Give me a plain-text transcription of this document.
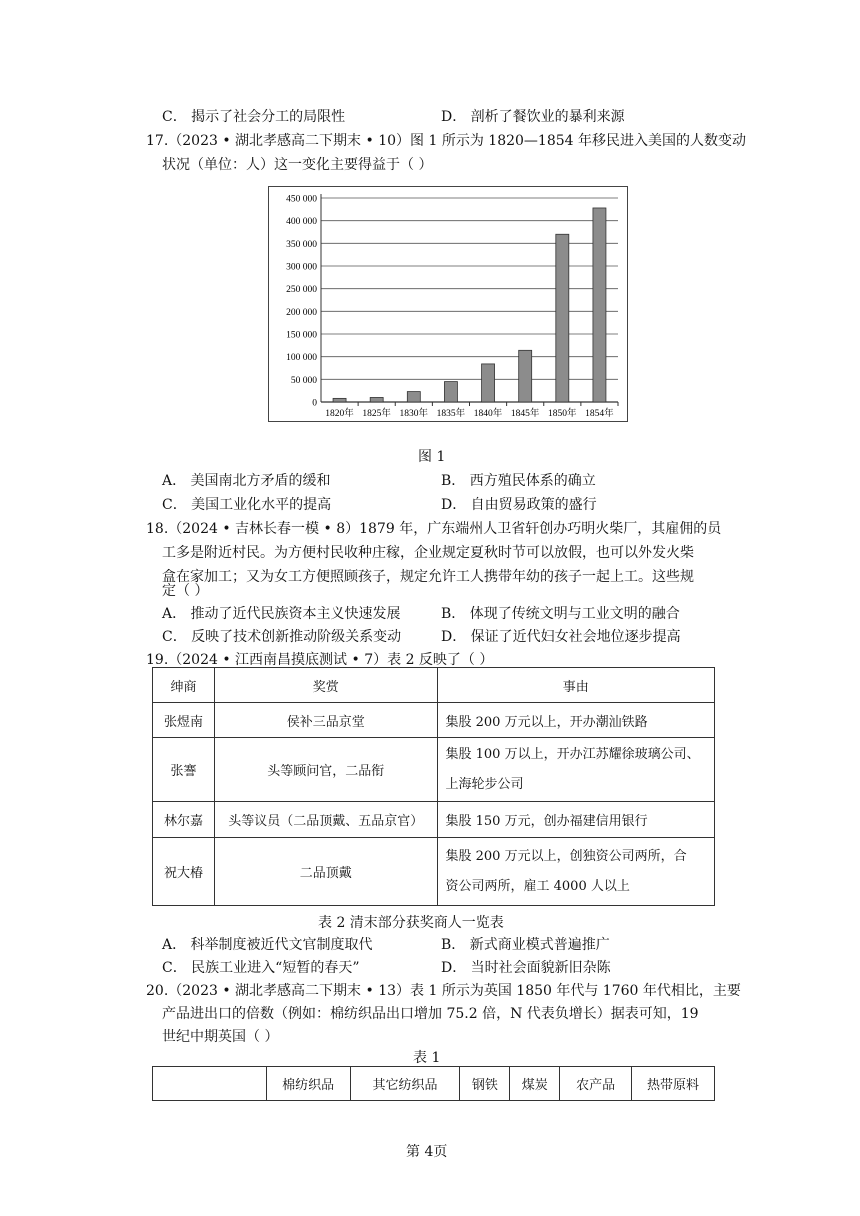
C． 揭示了社会分工的局限性	D． 剖析了餐饮业的暴利来源
17.（2023 • 湖北孝感高二下期末 • 10）图 1 所示为 1820—1854 年移民进入美国的人数变动
状况（单位：人）这一变化主要得益于（ ）
450 000
400 000
350 000
300 000
250 000
200 000
150 000
100 000
50 000
0
1820年 1825年 1830年 1835年 1840年 1845年 1850年 1854年
图 1
A． 美国南北方矛盾的缓和	B． 西方殖民体系的确立
C． 美国工业化水平的提高	D． 自由贸易政策的盛行
18.（2024 • 吉林长春一模 • 8）1879 年，广东端州人卫省轩创办巧明火柴厂，其雇佣的员
工多是附近村民。为方便村民收种庄稼，企业规定夏秋时节可以放假，也可以外发火柴
盒在家加工；又为女工方便照顾孩子，规定允许工人携带年幼的孩子一起上工。这些规
定（ ）
A． 推动了近代民族资本主义快速发展	B． 体现了传统文明与工业文明的融合
C． 反映了技术创新推动阶级关系变动	D． 保证了近代妇女社会地位逐步提高
19.（2024 • 江西南昌摸底测试 • 7）表 2 反映了（ ）
绅商	奖赏	事由
张煜南	侯补三品京堂	集股 200 万元以上，开办潮汕铁路
张謇	头等顾问官，二品衔	集股 100 万以上，开办江苏耀徐玻璃公司、
上海轮步公司
林尔嘉	头等议员（二品顶戴、五品京官）	集股 150 万元，创办福建信用银行
祝大椿	二品顶戴	集股 200 万元以上，创独资公司两所，合
资公司两所，雇工 4000 人以上
表 2 清末部分获奖商人一览表
A． 科举制度被近代文官制度取代	B． 新式商业模式普遍推广
C． 民族工业进入“短暂的春天”	D． 当时社会面貌新旧杂陈
20.（2023 • 湖北孝感高二下期末 • 13）表 1 所示为英国 1850 年代与 1760 年代相比，主要
产品进出口的倍数（例如：棉纺织品出口增加 75.2 倍，N 代表负增长）据表可知，19
世纪中期英国（ ）
表 1
	棉纺织品	其它纺织品	钢铁	煤炭	农产品	热带原料
第 4页
